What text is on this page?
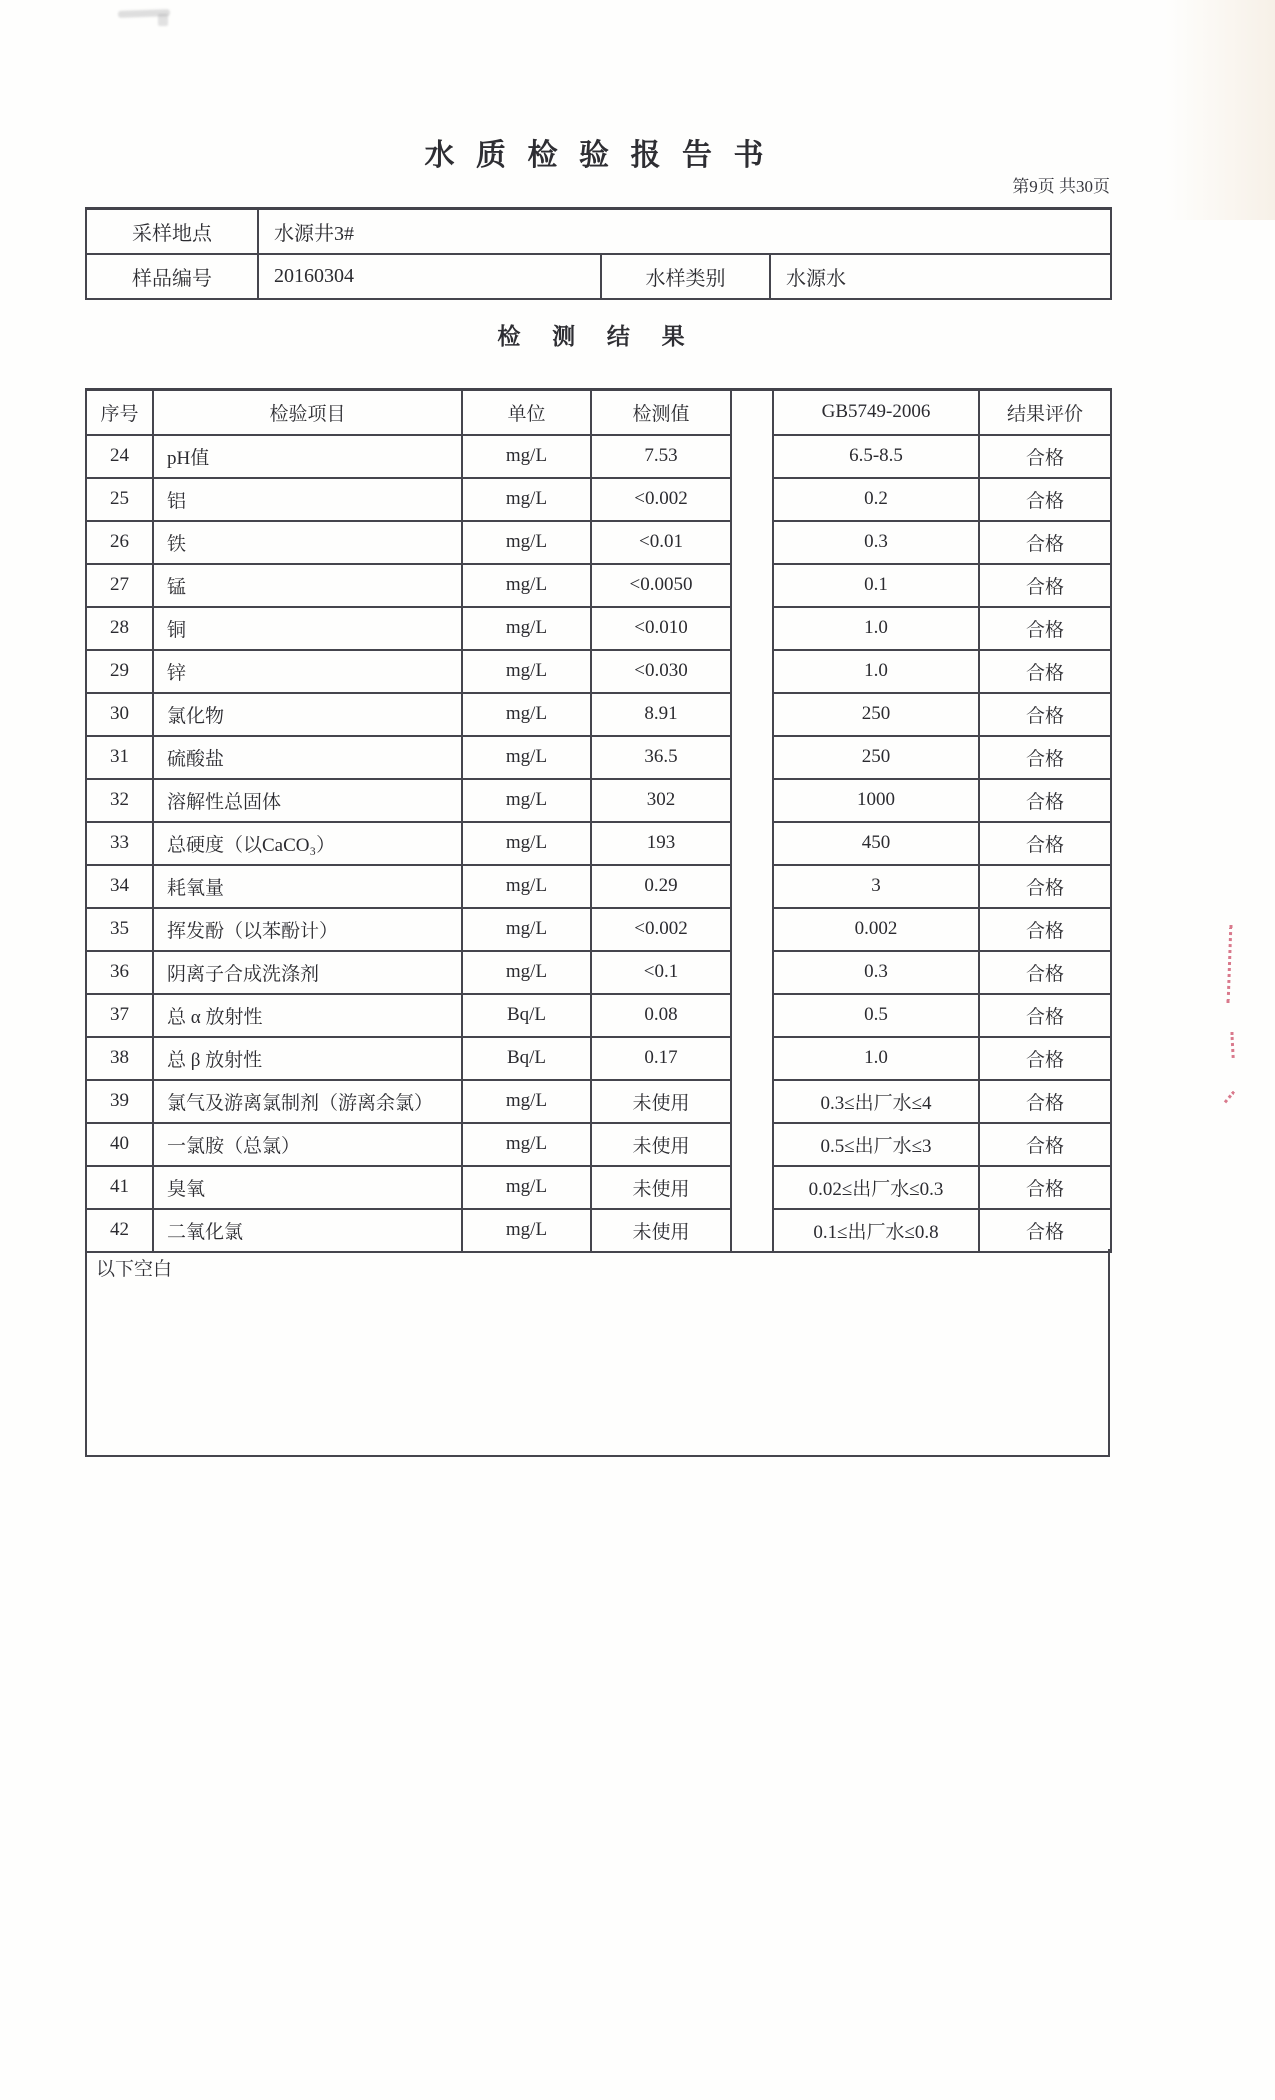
水 质 检 验 报 告 书
第9页 共30页
采样地点	水源井3#		
样品编号	20160304	水样类别	水源水
检 测 结 果
序号	检验项目	单位	检测值		GB5749-2006	结果评价
24	pH值	mg/L	7.53		6.5-8.5	合格
25	铝	mg/L	<0.002		0.2	合格
26	铁	mg/L	<0.01		0.3	合格
27	锰	mg/L	<0.0050		0.1	合格
28	铜	mg/L	<0.010		1.0	合格
29	锌	mg/L	<0.030		1.0	合格
30	氯化物	mg/L	8.91		250	合格
31	硫酸盐	mg/L	36.5		250	合格
32	溶解性总固体	mg/L	302		1000	合格
33	总硬度（以CaCO₃）	mg/L	193		450	合格
34	耗氧量	mg/L	0.29		3	合格
35	挥发酚（以苯酚计）	mg/L	<0.002		0.002	合格
36	阴离子合成洗涤剂	mg/L	<0.1		0.3	合格
37	总 α 放射性	Bq/L	0.08		0.5	合格
38	总 β 放射性	Bq/L	0.17		1.0	合格
39	氯气及游离氯制剂（游离余氯）	mg/L	未使用		0.3≤出厂水≤4	合格
40	一氯胺（总氯）	mg/L	未使用		0.5≤出厂水≤3	合格
41	臭氧	mg/L	未使用		0.02≤出厂水≤0.3	合格
42	二氧化氯	mg/L	未使用		0.1≤出厂水≤0.8	合格
以下空白
